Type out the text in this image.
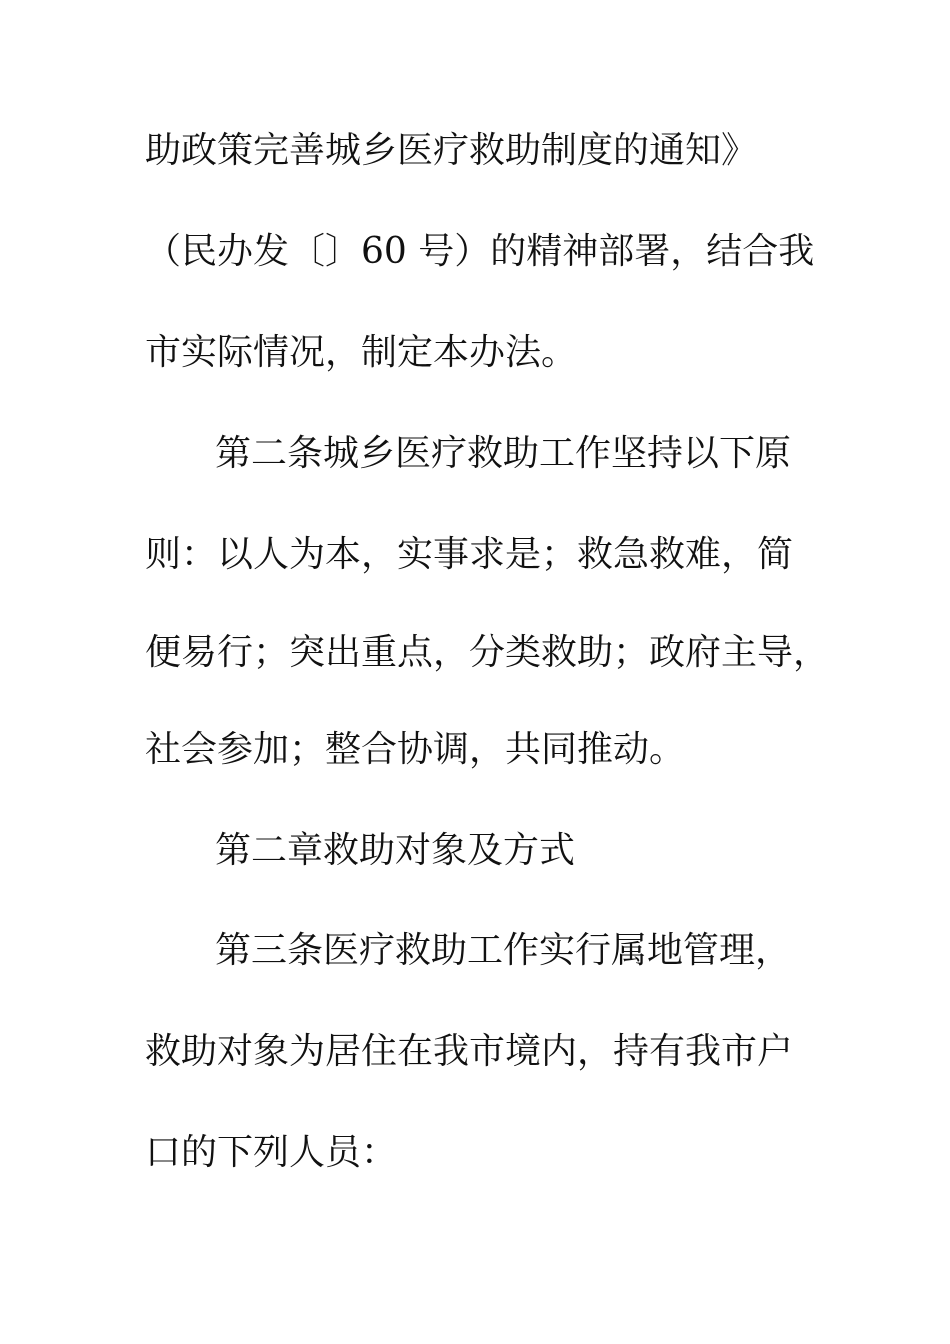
助政策完善城乡医疗救助制度的通知》
（民办发〔〕60 号）的精神部署，结合我
市实际情况，制定本办法。
第二条城乡医疗救助工作坚持以下原
则：以人为本，实事求是；救急救难，简
便易行；突出重点，分类救助；政府主导，
社会参加；整合协调，共同推动。
第二章救助对象及方式
第三条医疗救助工作实行属地管理，
救助对象为居住在我市境内，持有我市户
口的下列人员：
